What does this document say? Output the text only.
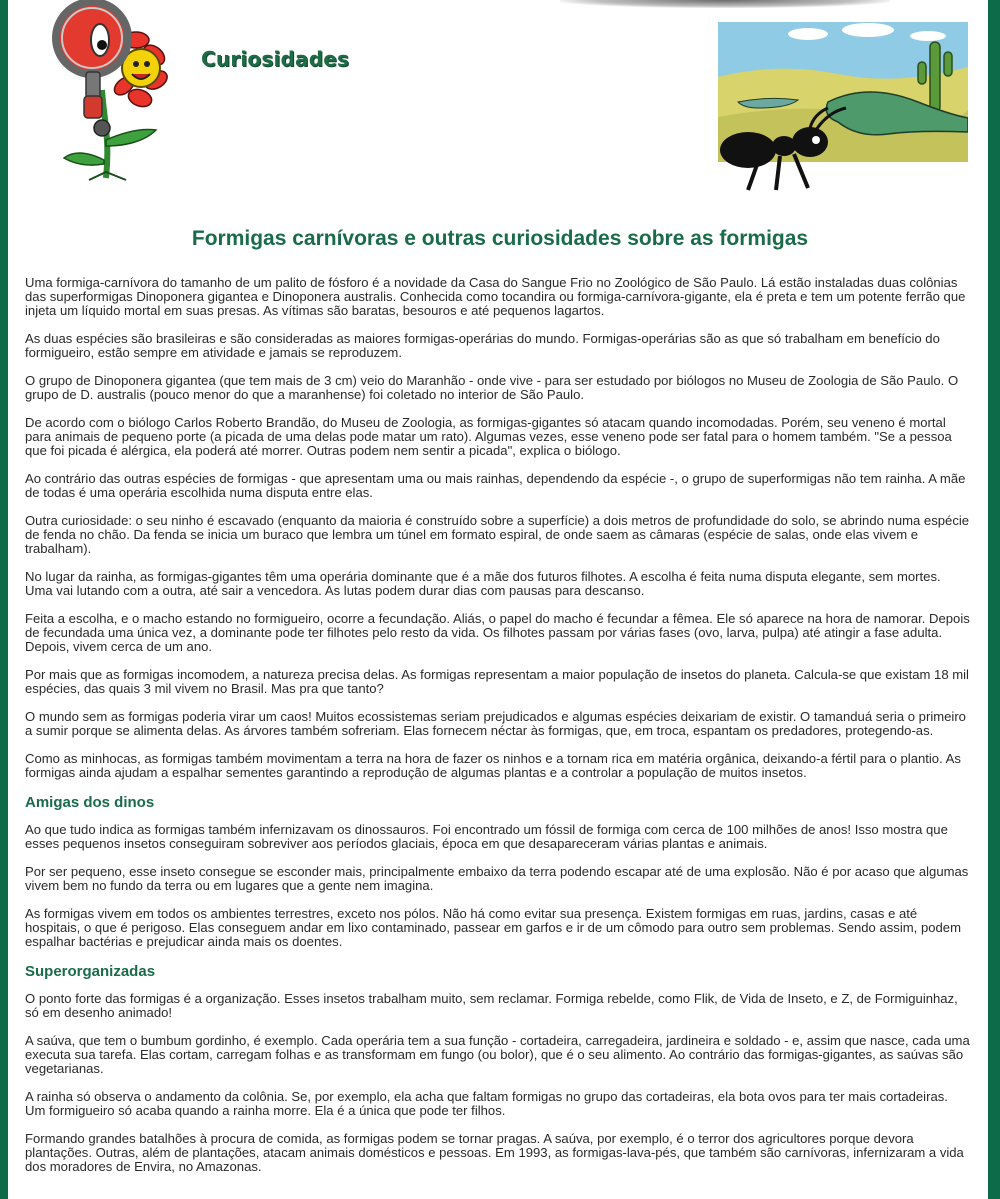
Curiosidades
Formigas carnívoras e outras curiosidades sobre as formigas

Uma formiga-carnívora do tamanho de um palito de fósforo é a novidade da Casa do Sangue Frio no Zoológico de São Paulo. Lá estão instaladas duas colônias das superformigas Dinoponera gigantea e Dinoponera australis. Conhecida como tocandira ou formiga-carnívora-gigante, ela é preta e tem um potente ferrão que injeta um líquido mortal em suas presas. As vítimas são baratas, besouros e até pequenos lagartos.

As duas espécies são brasileiras e são consideradas as maiores formigas-operárias do mundo. Formigas-operárias são as que só trabalham em benefício do formigueiro, estão sempre em atividade e jamais se reproduzem.

O grupo de Dinoponera gigantea (que tem mais de 3 cm) veio do Maranhão - onde vive - para ser estudado por biólogos no Museu de Zoologia de São Paulo. O grupo de D. australis (pouco menor do que a maranhense) foi coletado no interior de São Paulo.

De acordo com o biólogo Carlos Roberto Brandão, do Museu de Zoologia, as formigas-gigantes só atacam quando incomodadas. Porém, seu veneno é mortal para animais de pequeno porte (a picada de uma delas pode matar um rato). Algumas vezes, esse veneno pode ser fatal para o homem também. "Se a pessoa que foi picada é alérgica, ela poderá até morrer. Outras podem nem sentir a picada", explica o biólogo.

Ao contrário das outras espécies de formigas - que apresentam uma ou mais rainhas, dependendo da espécie -, o grupo de superformigas não tem rainha. A mãe de todas é uma operária escolhida numa disputa entre elas.

Outra curiosidade: o seu ninho é escavado (enquanto da maioria é construído sobre a superfície) a dois metros de profundidade do solo, se abrindo numa espécie de fenda no chão. Da fenda se inicia um buraco que lembra um túnel em formato espiral, de onde saem as câmaras (espécie de salas, onde elas vivem e trabalham).

No lugar da rainha, as formigas-gigantes têm uma operária dominante que é a mãe dos futuros filhotes. A escolha é feita numa disputa elegante, sem mortes. Uma vai lutando com a outra, até sair a vencedora. As lutas podem durar dias com pausas para descanso.

Feita a escolha, e o macho estando no formigueiro, ocorre a fecundação. Aliás, o papel do macho é fecundar a fêmea. Ele só aparece na hora de namorar. Depois de fecundada uma única vez, a dominante pode ter filhotes pelo resto da vida. Os filhotes passam por várias fases (ovo, larva, pulpa) até atingir a fase adulta. Depois, vivem cerca de um ano.

Por mais que as formigas incomodem, a natureza precisa delas. As formigas representam a maior população de insetos do planeta. Calcula-se que existam 18 mil espécies, das quais 3 mil vivem no Brasil. Mas pra que tanto?

O mundo sem as formigas poderia virar um caos! Muitos ecossistemas seriam prejudicados e algumas espécies deixariam de existir. O tamanduá seria o primeiro a sumir porque se alimenta delas. As árvores também sofreriam. Elas fornecem néctar às formigas, que, em troca, espantam os predadores, protegendo-as.

Como as minhocas, as formigas também movimentam a terra na hora de fazer os ninhos e a tornam rica em matéria orgânica, deixando-a fértil para o plantio. As formigas ainda ajudam a espalhar sementes garantindo a reprodução de algumas plantas e a controlar a população de muitos insetos.

Amigas dos dinos

Ao que tudo indica as formigas também infernizavam os dinossauros. Foi encontrado um fóssil de formiga com cerca de 100 milhões de anos! Isso mostra que esses pequenos insetos conseguiram sobreviver aos períodos glaciais, época em que desapareceram várias plantas e animais.

Por ser pequeno, esse inseto consegue se esconder mais, principalmente embaixo da terra podendo escapar até de uma explosão. Não é por acaso que algumas vivem bem no fundo da terra ou em lugares que a gente nem imagina.

As formigas vivem em todos os ambientes terrestres, exceto nos pólos. Não há como evitar sua presença. Existem formigas em ruas, jardins, casas e até hospitais, o que é perigoso. Elas conseguem andar em lixo contaminado, passear em garfos e ir de um cômodo para outro sem problemas. Sendo assim, podem espalhar bactérias e prejudicar ainda mais os doentes.

Superorganizadas

O ponto forte das formigas é a organização. Esses insetos trabalham muito, sem reclamar. Formiga rebelde, como Flik, de Vida de Inseto, e Z, de Formiguinhaz, só em desenho animado!

A saúva, que tem o bumbum gordinho, é exemplo. Cada operária tem a sua função - cortadeira, carregadeira, jardineira e soldado - e, assim que nasce, cada uma executa sua tarefa. Elas cortam, carregam folhas e as transformam em fungo (ou bolor), que é o seu alimento. Ao contrário das formigas-gigantes, as saúvas são vegetarianas.

A rainha só observa o andamento da colônia. Se, por exemplo, ela acha que faltam formigas no grupo das cortadeiras, ela bota ovos para ter mais cortadeiras. Um formigueiro só acaba quando a rainha morre. Ela é a única que pode ter filhos.

Formando grandes batalhões à procura de comida, as formigas podem se tornar pragas. A saúva, por exemplo, é o terror dos agricultores porque devora plantações. Outras, além de plantações, atacam animais domésticos e pessoas. Em 1993, as formigas-lava-pés, que também são carnívoras, infernizaram a vida dos moradores de Envira, no Amazonas.
